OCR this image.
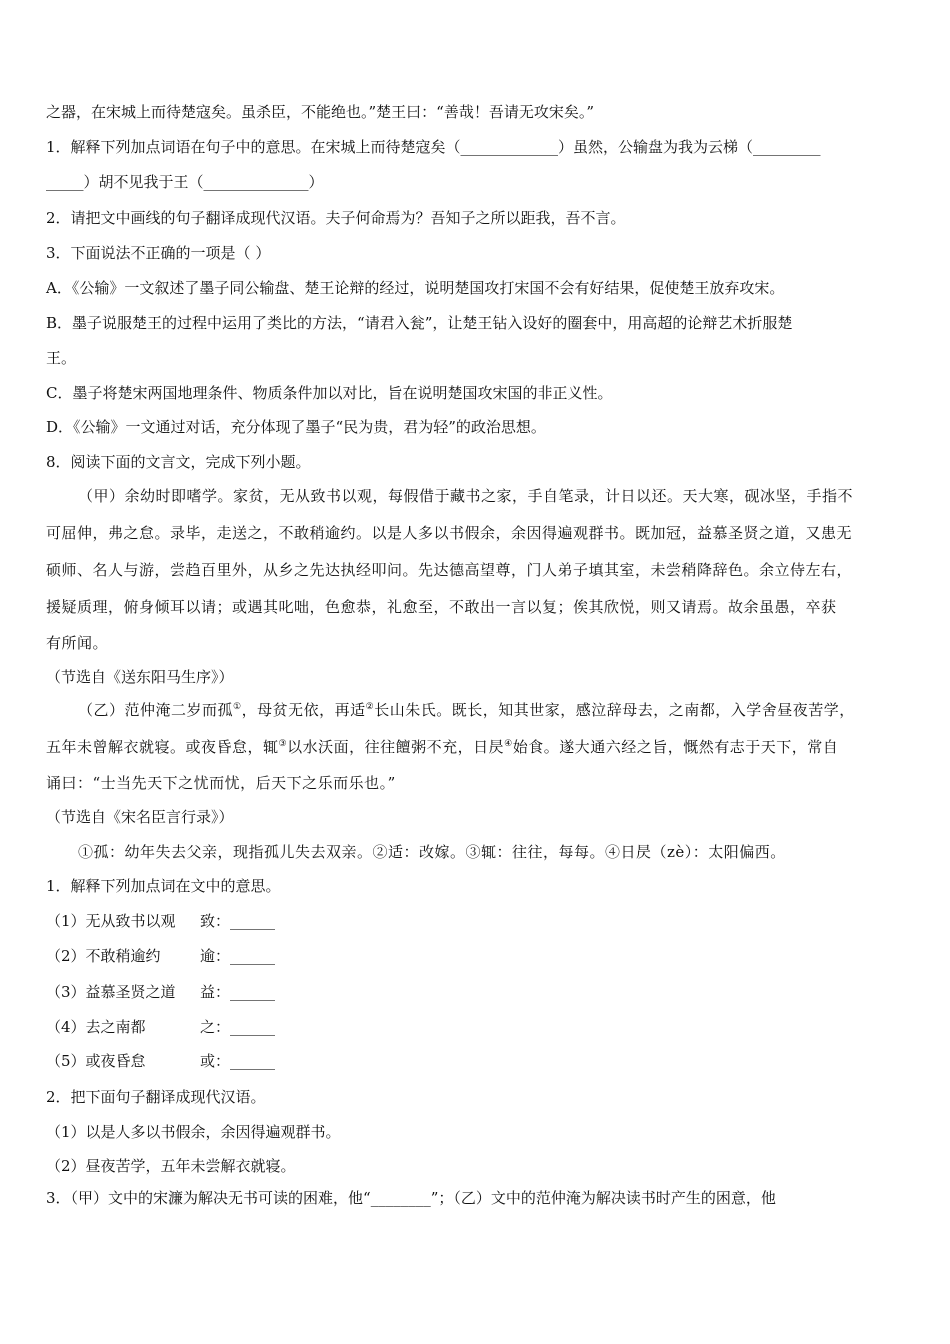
之器，在宋城上而待楚寇矣。虽杀臣，不能绝也。”楚王曰：“善哉！吾请无攻宋矣。”
1．解释下列加点词语在句子中的意思。在宋城上而待楚寇矣（_____________）虽然，公输盘为我为云梯（_________
_____）胡不见我于王（______________）
2．请把文中画线的句子翻译成现代汉语。夫子何命焉为？吾知子之所以距我，吾不言。
3．下面说法不正确的一项是（ ）
A．《公输》一文叙述了墨子同公输盘、楚王论辩的经过，说明楚国攻打宋国不会有好结果，促使楚王放弃攻宋。
B．墨子说服楚王的过程中运用了类比的方法，“请君入瓮”，让楚王钻入设好的圈套中，用高超的论辩艺术折服楚
王。
C．墨子将楚宋两国地理条件、物质条件加以对比，旨在说明楚国攻宋国的非正义性。
D．《公输》一文通过对话，充分体现了墨子“民为贵，君为轻”的政治思想。
8．阅读下面的文言文，完成下列小题。
（甲）余幼时即嗜学。家贫，无从致书以观，每假借于藏书之家，手自笔录，计日以还。天大寒，砚冰坚，手指不
可屈伸，弗之怠。录毕，走送之，不敢稍逾约。以是人多以书假余，余因得遍观群书。既加冠，益慕圣贤之道，又患无
硕师、名人与游，尝趋百里外，从乡之先达执经叩问。先达德高望尊，门人弟子填其室，未尝稍降辞色。余立侍左右，
援疑质理，俯身倾耳以请；或遇其叱咄，色愈恭，礼愈至，不敢出一言以复；俟其欣悦，则又请焉。故余虽愚，卒获
有所闻。
（节选自《送东阳马生序》）
（乙）范仲淹二岁而孤①，母贫无依，再适②长山朱氏。既长，知其世家，感泣辞母去，之南都，入学舍昼夜苦学，
五年未曾解衣就寝。或夜昏怠，辄③以水沃面，往往饘粥不充，日昃④始食。遂大通六经之旨，慨然有志于天下，常自
诵曰：“士当先天下之忧而忧，后天下之乐而乐也。”
（节选自《宋名臣言行录》）
①孤：幼年失去父亲，现指孤儿失去双亲。②适：改嫁。③辄：往往，每每。④日昃（zè）：太阳偏西。
1．解释下列加点词在文中的意思。
（1）无从致书以观 致：______
（2）不敢稍逾约	逾：______
（3）益慕圣贤之道 益：______
（4）去之南都	之：______
（5）或夜昏怠	或：______
2．把下面句子翻译成现代汉语。
（1）以是人多以书假余，余因得遍观群书。
（2）昼夜苦学，五年未尝解衣就寝。
3．（甲）文中的宋濂为解决无书可读的困难，他“________”；（乙）文中的范仲淹为解决读书时产生的困意，他
